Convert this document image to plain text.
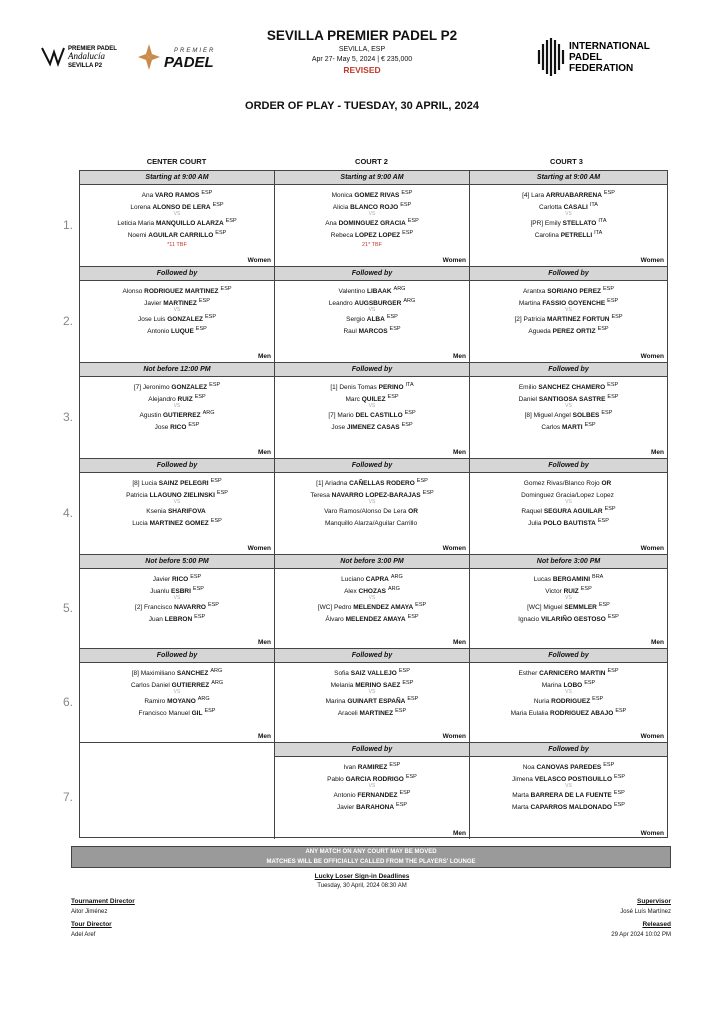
PREMIER PADEL
Andalucía
SEVILLA P2
PREMIER
PADEL
INTERNATIONAL
PADEL
FEDERATION
SEVILLA PREMIER PADEL P2
SEVILLA, ESP
Apr 27- May 5, 2024 | € 235,000
REVISED
ORDER OF PLAY - TUESDAY, 30 APRIL, 2024
CENTER COURT	COURT 2	COURT 3
1.
2.
3.
4.
5.
6.
7.
Starting at 9:00 AM
Ana VARO RAMOS $^{ESP}$
Lorena ALONSO DE LERA $^{ESP}$
VS
Leticia Maria MANQUILLO ALARZA $^{ESP}$
Noemi AGUILAR CARRILLO $^{ESP}$
*11 TBF
Women
Starting at 9:00 AM
Monica GOMEZ RIVAS $^{ESP}$
Alicia BLANCO ROJO $^{ESP}$
VS
Ana DOMINGUEZ GRACIA $^{ESP}$
Rebeca LOPEZ LOPEZ $^{ESP}$
21* TBF
Women
Starting at 9:00 AM
[4] Lara ARRUABARRENA $^{ESP}$
Carlotta CASALI $^{ITA}$
VS
[PR] Emily STELLATO $^{ITA}$
Carolina PETRELLI $^{ITA}$
Women
Followed by
Alonso RODRIGUEZ MARTINEZ $^{ESP}$
Javier MARTINEZ $^{ESP}$
VS
Jose Luis GONZALEZ $^{ESP}$
Antonio LUQUE $^{ESP}$
Men
Followed by
Valentino LIBAAK $^{ARG}$
Leandro AUGSBURGER $^{ARG}$
VS
Sergio ALBA $^{ESP}$
Raul MARCOS $^{ESP}$
Men
Followed by
Arantxa SORIANO PEREZ $^{ESP}$
Martina FASSIO GOYENCHE $^{ESP}$
VS
[2] Patricia MARTINEZ FORTUN $^{ESP}$
Agueda PEREZ ORTIZ $^{ESP}$
Women
Not before 12:00 PM
[7] Jeronimo GONZALEZ $^{ESP}$
Alejandro RUIZ $^{ESP}$
VS
Agustin GUTIERREZ $^{ARG}$
Jose RICO $^{ESP}$
Men
Followed by
[1] Denis Tomas PERINO $^{ITA}$
Marc QUILEZ $^{ESP}$
VS
[7] Mario DEL CASTILLO $^{ESP}$
Jose JIMENEZ CASAS $^{ESP}$
Men
Followed by
Emilio SANCHEZ CHAMERO $^{ESP}$
Daniel SANTIGOSA SASTRE $^{ESP}$
VS
[8] Miguel Angel SOLBES $^{ESP}$
Carlos MARTI $^{ESP}$
Men
Followed by
[8] Lucia SAINZ PELEGRI $^{ESP}$
Patricia LLAGUNO ZIELINSKI $^{ESP}$
VS
Ksenia SHARIFOVA
Lucia MARTINEZ GOMEZ $^{ESP}$
Women
Followed by
[1] Ariadna CAÑELLAS RODERO $^{ESP}$
Teresa NAVARRO LOPEZ-BARAJAS $^{ESP}$
VS
Varo Ramos/Alonso De Lera OR
Manquillo Alarza/Aguilar Carrillo
Women
Followed by
Gomez Rivas/Blanco Rojo OR
Dominguez Gracia/Lopez Lopez
VS
Raquel SEGURA AGUILAR $^{ESP}$
Julia POLO BAUTISTA $^{ESP}$
Women
Not before 5:00 PM
Javier RICO $^{ESP}$
Juanlu ESBRI $^{ESP}$
VS
[2] Francisco NAVARRO $^{ESP}$
Juan LEBRON $^{ESP}$
Men
Not before 3:00 PM
Luciano CAPRA $^{ARG}$
Alex CHOZAS $^{ARG}$
VS
[WC] Pedro MELENDEZ AMAYA $^{ESP}$
Álvaro MELENDEZ AMAYA $^{ESP}$
Men
Not before 3:00 PM
Lucas BERGAMINI $^{BRA}$
Victor RUIZ $^{ESP}$
VS
[WC] Miguel SEMMLER $^{ESP}$
Ignacio VILARIÑO GESTOSO $^{ESP}$
Men
Followed by
[8] Maximiliano SANCHEZ $^{ARG}$
Carlos Daniel GUTIERREZ $^{ARG}$
VS
Ramiro MOYANO $^{ARG}$
Francisco Manuel GIL $^{ESP}$
Men
Followed by
Sofia SAIZ VALLEJO $^{ESP}$
Melania MERINO SAEZ $^{ESP}$
VS
Marina GUINART ESPAÑA $^{ESP}$
Araceli MARTINEZ $^{ESP}$
Women
Followed by
Esther CARNICERO MARTIN $^{ESP}$
Marina LOBO $^{ESP}$
VS
Nuria RODRIGUEZ $^{ESP}$
Maria Eulalia RODRIGUEZ ABAJO $^{ESP}$
Women
Followed by
Ivan RAMIREZ $^{ESP}$
Pablo GARCIA RODRIGO $^{ESP}$
VS
Antonio FERNANDEZ $^{ESP}$
Javier BARAHONA $^{ESP}$
Men
Followed by
Noa CANOVAS PAREDES $^{ESP}$
Jimena VELASCO POSTIGUILLO $^{ESP}$
VS
Marta BARRERA DE LA FUENTE $^{ESP}$
Marta CAPARROS MALDONADO $^{ESP}$
Women
ANY MATCH ON ANY COURT MAY BE MOVED
MATCHES WILL BE OFFICIALLY CALLED FROM THE PLAYERS' LOUNGE
Lucky Loser Sign-in Deadlines
Tuesday, 30 April, 2024 08:30 AM
Tournament Director
Aitor Jiménez
Tour Director
Adel Aref
Supervisor
José Luís Martínez
Released
29 Apr 2024 10:02 PM
